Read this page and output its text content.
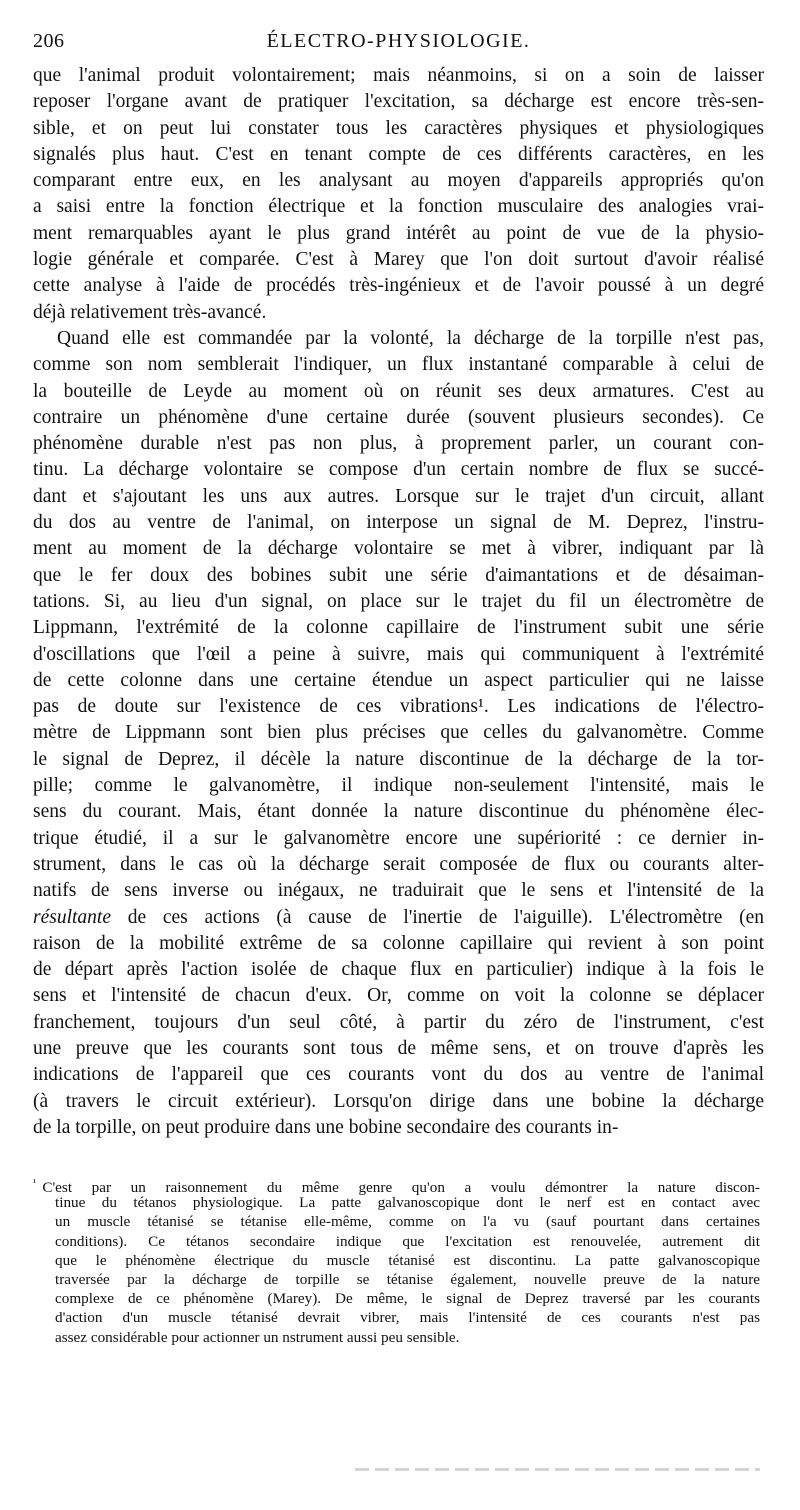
206	ÉLECTRO-PHYSIOLOGIE.
que l'animal produit volontairement; mais néanmoins, si on a soin de laisser
reposer l'organe avant de pratiquer l'excitation, sa décharge est encore très-sen-
sible, et on peut lui constater tous les caractères physiques et physiologiques
signalés plus haut. C'est en tenant compte de ces différents caractères, en les
comparant entre eux, en les analysant au moyen d'appareils appropriés qu'on
a saisi entre la fonction électrique et la fonction musculaire des analogies vrai-
ment remarquables ayant le plus grand intérêt au point de vue de la physio-
logie générale et comparée. C'est à Marey que l'on doit surtout d'avoir réalisé
cette analyse à l'aide de procédés très-ingénieux et de l'avoir poussé à un degré
déjà relativement très-avancé.
Quand elle est commandée par la volonté, la décharge de la torpille n'est pas,
comme son nom semblerait l'indiquer, un flux instantané comparable à celui de
la bouteille de Leyde au moment où on réunit ses deux armatures. C'est au
contraire un phénomène d'une certaine durée (souvent plusieurs secondes). Ce
phénomène durable n'est pas non plus, à proprement parler, un courant con-
tinu. La décharge volontaire se compose d'un certain nombre de flux se succé-
dant et s'ajoutant les uns aux autres. Lorsque sur le trajet d'un circuit, allant
du dos au ventre de l'animal, on interpose un signal de M. Deprez, l'instru-
ment au moment de la décharge volontaire se met à vibrer, indiquant par là
que le fer doux des bobines subit une série d'aimantations et de désaiman-
tations. Si, au lieu d'un signal, on place sur le trajet du fil un électromètre de
Lippmann, l'extrémité de la colonne capillaire de l'instrument subit une série
d'oscillations que l'œil a peine à suivre, mais qui communiquent à l'extrémité
de cette colonne dans une certaine étendue un aspect particulier qui ne laisse
pas de doute sur l'existence de ces vibrations¹. Les indications de l'électro-
mètre de Lippmann sont bien plus précises que celles du galvanomètre. Comme
le signal de Deprez, il décèle la nature discontinue de la décharge de la tor-
pille; comme le galvanomètre, il indique non-seulement l'intensité, mais le
sens du courant. Mais, étant donnée la nature discontinue du phénomène élec-
trique étudié, il a sur le galvanomètre encore une supériorité : ce dernier in-
strument, dans le cas où la décharge serait composée de flux ou courants alter-
natifs de sens inverse ou inégaux, ne traduirait que le sens et l'intensité de la
résultante de ces actions (à cause de l'inertie de l'aiguille). L'électromètre (en
raison de la mobilité extrême de sa colonne capillaire qui revient à son point
de départ après l'action isolée de chaque flux en particulier) indique à la fois le
sens et l'intensité de chacun d'eux. Or, comme on voit la colonne se déplacer
franchement, toujours d'un seul côté, à partir du zéro de l'instrument, c'est
une preuve que les courants sont tous de même sens, et on trouve d'après les
indications de l'appareil que ces courants vont du dos au ventre de l'animal
(à travers le circuit extérieur). Lorsqu'on dirige dans une bobine la décharge
de la torpille, on peut produire dans une bobine secondaire des courants in-
$^{^1}$ C'est par un raisonnement du même genre qu'on a voulu démontrer la nature discon-
tinue du tétanos physiologique. La patte galvanoscopique dont le nerf est en contact avec
un muscle tétanisé se tétanise elle-même, comme on l'a vu (sauf pourtant dans certaines
conditions). Ce tétanos secondaire indique que l'excitation est renouvelée, autrement dit
que le phénomène électrique du muscle tétanisé est discontinu. La patte galvanoscopique
traversée par la décharge de torpille se tétanise également, nouvelle preuve de la nature
complexe de ce phénomène (Marey). De même, le signal de Deprez traversé par les courants
d'action d'un muscle tétanisé devrait vibrer, mais l'intensité de ces courants n'est pas
assez considérable pour actionner un nstrument aussi peu sensible.
